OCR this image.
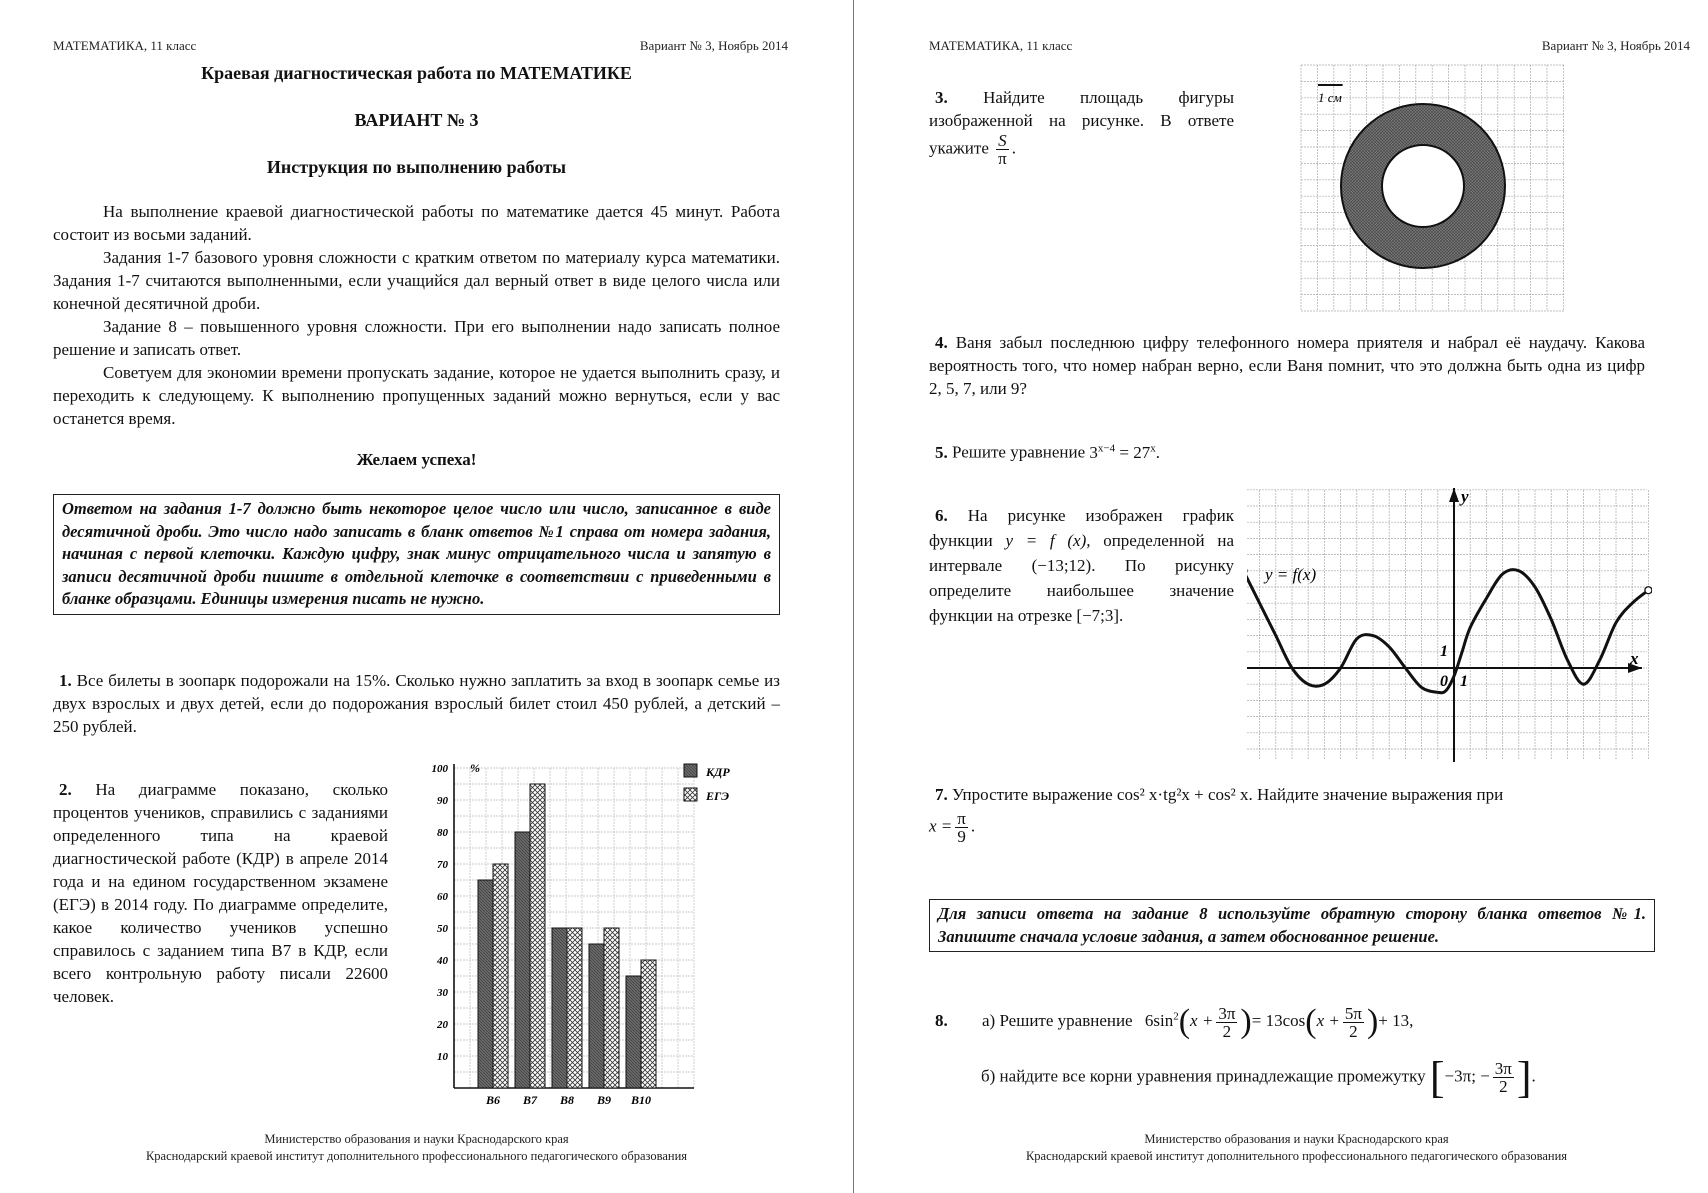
МАТЕМАТИКА, 11 класс	Вариант № 3, Ноябрь 2014
Краевая диагностическая работа по МАТЕМАТИКЕ
ВАРИАНТ № 3
Инструкция по выполнению работы

На выполнение краевой диагностической работы по математике дается 45 минут. Работа состоит из восьми заданий.

Задания 1-7 базового уровня сложности с кратким ответом по материалу курса математики. Задания 1-7 считаются выполненными, если учащийся дал верный ответ в виде целого числа или конечной десятичной дроби.

Задание 8 – повышенного уровня сложности. При его выполнении надо записать полное решение и записать ответ.

Советуем для экономии времени пропускать задание, которое не удается выполнить сразу, и переходить к следующему. К выполнению пропущенных заданий можно вернуться, если у вас останется время.

Желаем успеха!
Ответом на задания 1-7 должно быть некоторое целое число или число, записанное в виде десятичной дроби. Это число надо записать в бланк ответов №1 справа от номера задания, начиная с первой клеточки. Каждую цифру, знак минус отрицательного числа и запятую в записи десятичной дроби пишите в отдельной клеточке в соответствии с приведенными в бланке образцами. Единицы измерения писать не нужно.
1. Все билеты в зоопарк подорожали на 15%. Сколько нужно заплатить за вход в зоопарк семье из двух взрослых и двух детей, если до подорожания взрослый билет стоил 450 рублей, а детский – 250 рублей.
2. На диаграмме показано, сколько процентов учеников, справились с заданиями определенного типа на краевой диагностической работе (КДР) в апреле 2014 года и на едином государственном экзамене (ЕГЭ) в 2014 году. По диаграмме определите, какое количество учеников успешно справилось с заданием типа В7 в КДР, если всего контрольную работу писали 22600 человек.
10
20
30
40
50
60
70
80
90
100 %
B6 B7 B8 B9 B10
КДР
ЕГЭ
Министерство образования и науки Краснодарского края
Краснодарский краевой институт дополнительного профессионального педагогического образования
МАТЕМАТИКА, 11 класс	Вариант № 3, Ноябрь 2014
3. Найдите площадь фигуры изображенной на рисунке. В ответе укажите $\frac{S}{\pi}$ .
1 см
4. Ваня забыл последнюю цифру телефонного номера приятеля и набрал её наудачу. Какова вероятность того, что номер набран верно, если Ваня помнит, что это должна быть одна из цифр 2, 5, 7, или 9?
5. Решите уравнение $3^{x-4} = 27^x$.
6. На рисунке изображен график функции y = f (x), определенной на интервале (−13;12). По рисунку определите наибольшее значение функции на отрезке [−7;3].
y = f(x)
x
y
1
1
0
7. Упростите выражение cos² x·tg²x + cos² x. Найдите значение выражения при
$x = \frac{\pi}{9}$ .
Для записи ответа на задание 8 используйте обратную сторону бланка ответов №1. Запишите сначала условие задания, а затем обоснованное решение.
8. а) Решите уравнение $6\sin^2(x + \frac{3\pi}{2}$ )= $13\cos(x + \frac{5\pi}{2}$ )+ 13,
б) найдите все корни уравнения принадлежащие промежутку [−3π; − $\frac{3\pi}{2}$ ].
Министерство образования и науки Краснодарского края
Краснодарский краевой институт дополнительного профессионального педагогического образования
